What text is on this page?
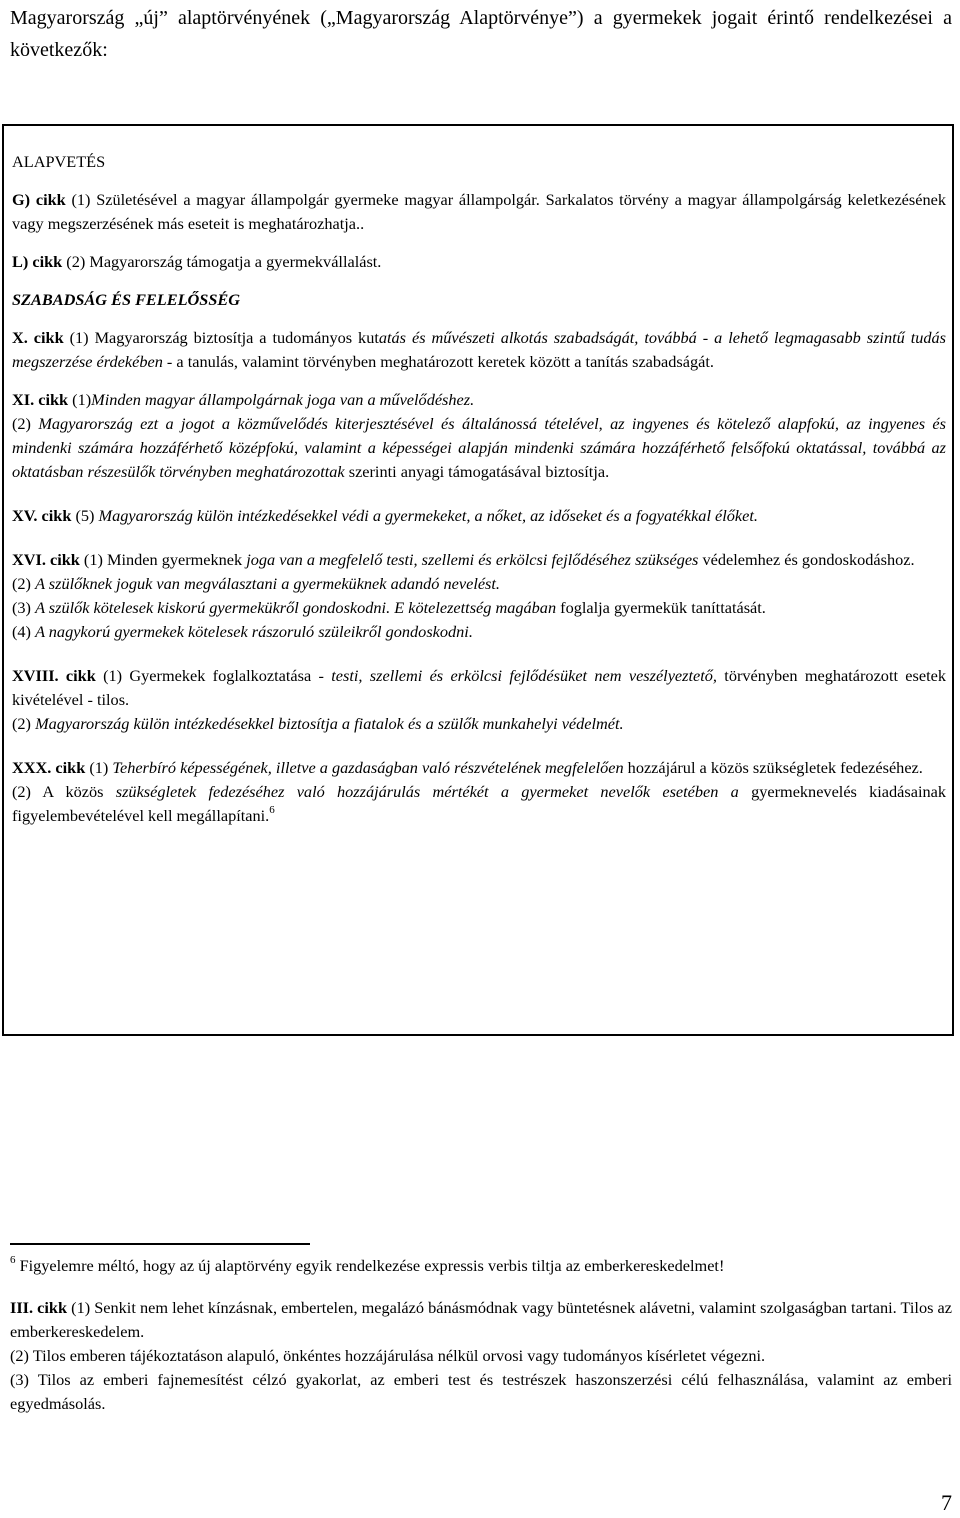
Magyarország „új” alaptörvényének („Magyarország Alaptörvénye”) a gyermekek jogait érintő rendelkezései a következők:

ALAPVETÉS

G) cikk (1) Születésével a magyar állampolgár gyermeke magyar állampolgár. Sarkalatos törvény a magyar állampolgárság keletkezésének vagy megszerzésének más eseteit is meghatározhatja..

L) cikk (2) Magyarország támogatja a gyermekvállalást.

SZABADSÁG ÉS FELELŐSSÉG

X. cikk (1) Magyarország biztosítja a tudományos kutatás és művészeti alkotás szabadságát, továbbá - a lehető legmagasabb szintű tudás megszerzése érdekében - a tanulás, valamint törvényben meghatározott keretek között a tanítás szabadságát.

XI. cikk (1)Minden magyar állampolgárnak joga van a művelődéshez.

(2) Magyarország ezt a jogot a közművelődés kiterjesztésével és általánossá tételével, az ingyenes és kötelező alapfokú, az ingyenes és mindenki számára hozzáférhető középfokú, valamint a képességei alapján mindenki számára hozzáférhető felsőfokú oktatással, továbbá az oktatásban részesülők törvényben meghatározottak szerinti anyagi támogatásával biztosítja.

XV. cikk (5) Magyarország külön intézkedésekkel védi a gyermekeket, a nőket, az időseket és a fogyatékkal élőket.

XVI. cikk (1) Minden gyermeknek joga van a megfelelő testi, szellemi és erkölcsi fejlődéséhez szükséges védelemhez és gondoskodáshoz.

(2) A szülőknek joguk van megválasztani a gyermeküknek adandó nevelést.

(3) A szülők kötelesek kiskorú gyermekükről gondoskodni. E kötelezettség magában foglalja gyermekük taníttatását.

(4) A nagykorú gyermekek kötelesek rászoruló szüleikről gondoskodni.

XVIII. cikk (1) Gyermekek foglalkoztatása - testi, szellemi és erkölcsi fejlődésüket nem veszélyeztető, törvényben meghatározott esetek kivételével - tilos.

(2) Magyarország külön intézkedésekkel biztosítja a fiatalok és a szülők munkahelyi védelmét.

XXX. cikk (1) Teherbíró képességének, illetve a gazdaságban való részvételének megfelelően hozzájárul a közös szükségletek fedezéséhez.

(2) A közös szükségletek fedezéséhez való hozzájárulás mértékét a gyermeket nevelők esetében a gyermeknevelés kiadásainak figyelembevételével kell megállapítani.$^6$

$^6$ Figyelemre méltó, hogy az új alaptörvény egyik rendelkezése expressis verbis tiltja az emberkereskedelmet!

III. cikk (1) Senkit nem lehet kínzásnak, embertelen, megalázó bánásmódnak vagy büntetésnek alávetni, valamint szolgaságban tartani. Tilos az emberkereskedelem.

(2) Tilos emberen tájékoztatáson alapuló, önkéntes hozzájárulása nélkül orvosi vagy tudományos kísérletet végezni.

(3) Tilos az emberi fajnemesítést célzó gyakorlat, az emberi test és testrészek haszonszerzési célú felhasználása, valamint az emberi egyedmásolás.

7
